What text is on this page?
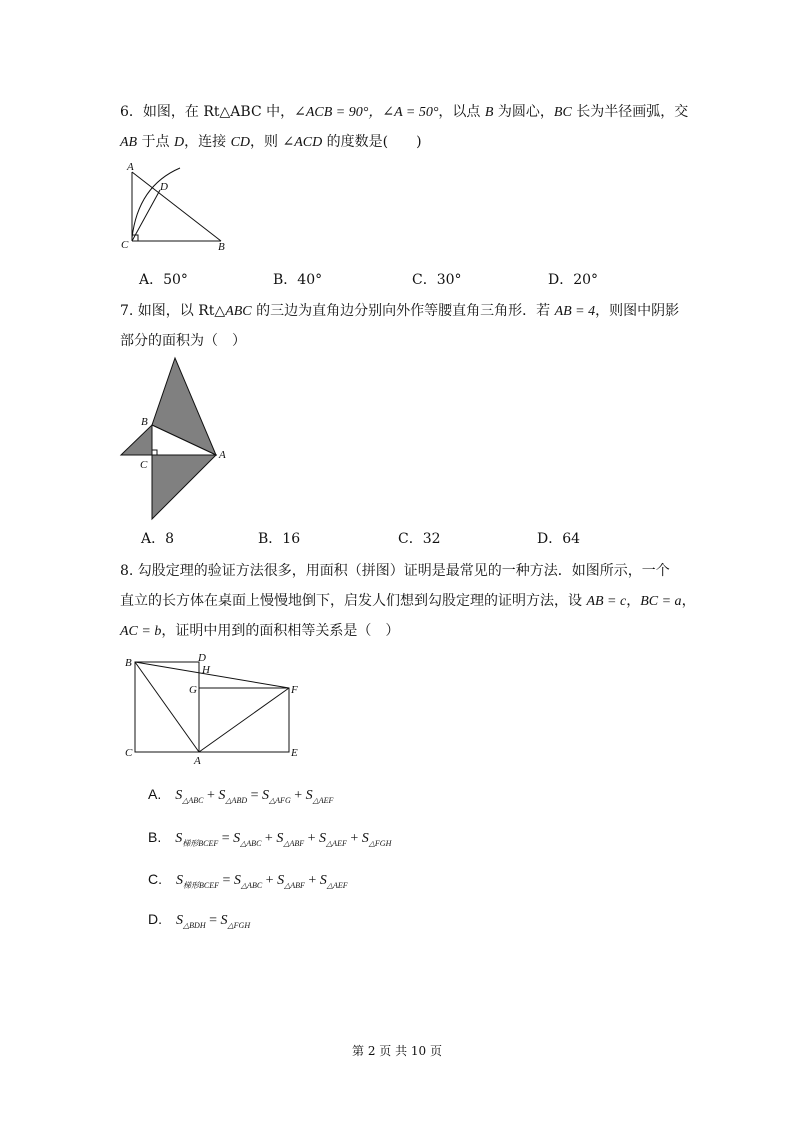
6．如图，在 Rt△ABC 中，∠ACB = 90°，∠A = 50°，以点 B 为圆心，BC 长为半径画弧，交
AB 于点 D，连接 CD，则 ∠ACD 的度数是(　　)
A
D
C	B
A．50°	B．40°	C．30°	D．20°
7. 如图，以 Rt△ABC 的三边为直角边分别向外作等腰直角三角形．若 AB = 4，则图中阴影
部分的面积为（　）
B
C
A
A．8	B．16	C．32	D．64
8. 勾股定理的验证方法很多，用面积（拼图）证明是最常见的一种方法．如图所示，一个
直立的长方体在桌面上慢慢地倒下，启发人们想到勾股定理的证明方法，设 AB = c，BC = a，
AC = b，证明中用到的面积相等关系是（　）
B	D
H
G	F
C
A
E
A. $S_{\triangle ABC} + S_{\triangle ABD} = S_{\triangle AFG} + S_{\triangle AEF}$
B. $S_{梯形BCEF} = S_{\triangle ABC} + S_{\triangle ABF} + S_{\triangle AEF} + S_{\triangle FGH}$
C. $S_{梯形BCEF} = S_{\triangle ABC} + S_{\triangle ABF} + S_{\triangle AEF}$
D. $S_{\triangle BDH} = S_{\triangle FGH}$
第 2 页 共 10 页
